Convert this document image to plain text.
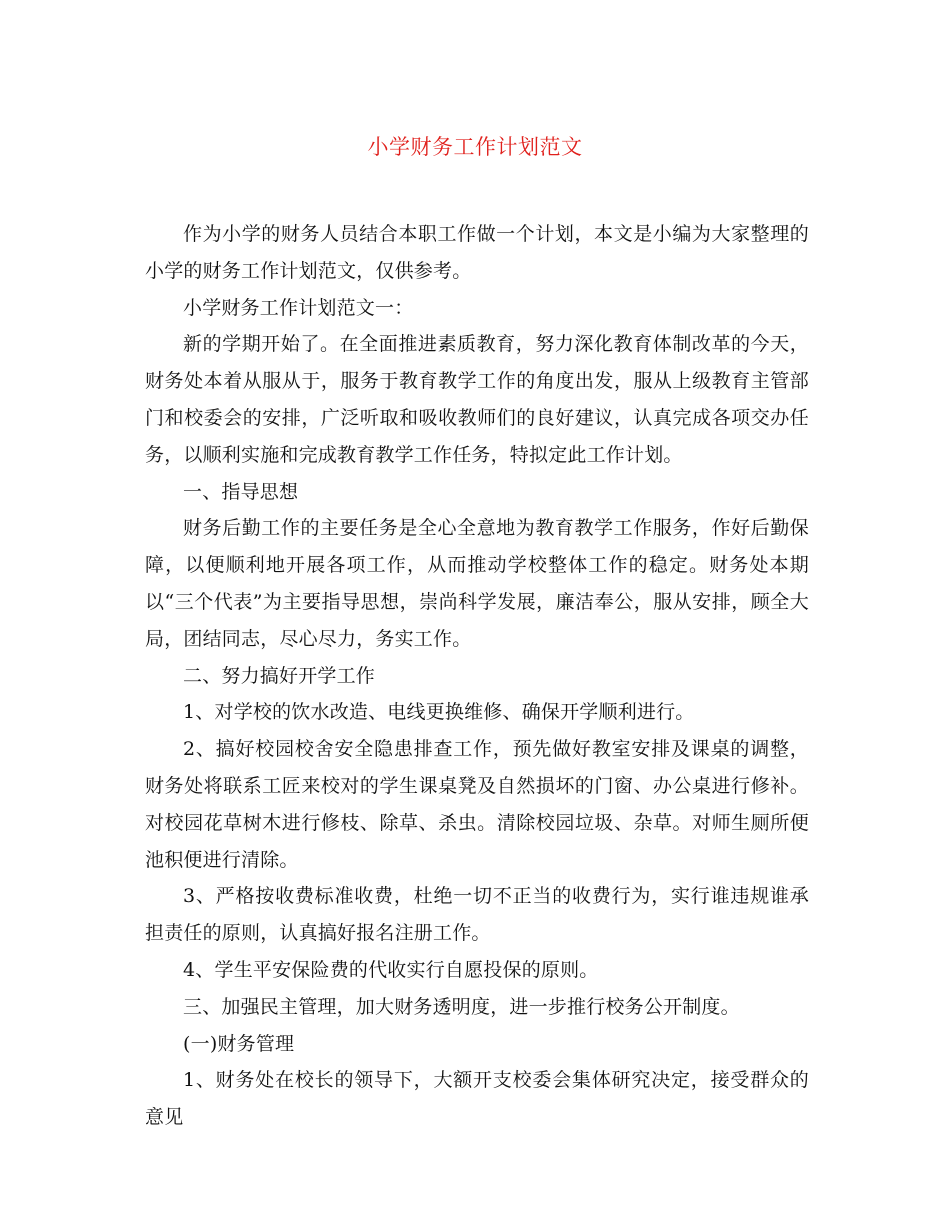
小学财务工作计划范文

作为小学的财务人员结合本职工作做一个计划，本文是小编为大家整理的小学的财务工作计划范文，仅供参考。

小学财务工作计划范文一：

新的学期开始了。在全面推进素质教育，努力深化教育体制改革的今天，财务处本着从服从于，服务于教育教学工作的角度出发，服从上级教育主管部门和校委会的安排，广泛听取和吸收教师们的良好建议，认真完成各项交办任务，以顺利实施和完成教育教学工作任务，特拟定此工作计划。

一、指导思想

财务后勤工作的主要任务是全心全意地为教育教学工作服务，作好后勤保障，以便顺利地开展各项工作，从而推动学校整体工作的稳定。财务处本期以“三个代表”为主要指导思想，崇尚科学发展，廉洁奉公，服从安排，顾全大局，团结同志，尽心尽力，务实工作。

二、努力搞好开学工作

1、对学校的饮水改造、电线更换维修、确保开学顺利进行。

2、搞好校园校舍安全隐患排查工作，预先做好教室安排及课桌的调整，财务处将联系工匠来校对的学生课桌凳及自然损坏的门窗、办公桌进行修补。对校园花草树木进行修枝、除草、杀虫。清除校园垃圾、杂草。对师生厕所便池积便进行清除。

3、严格按收费标准收费，杜绝一切不正当的收费行为，实行谁违规谁承担责任的原则，认真搞好报名注册工作。

4、学生平安保险费的代收实行自愿投保的原则。

三、加强民主管理，加大财务透明度，进一步推行校务公开制度。

(一)财务管理

1、财务处在校长的领导下，大额开支校委会集体研究决定，接受群众的意见
